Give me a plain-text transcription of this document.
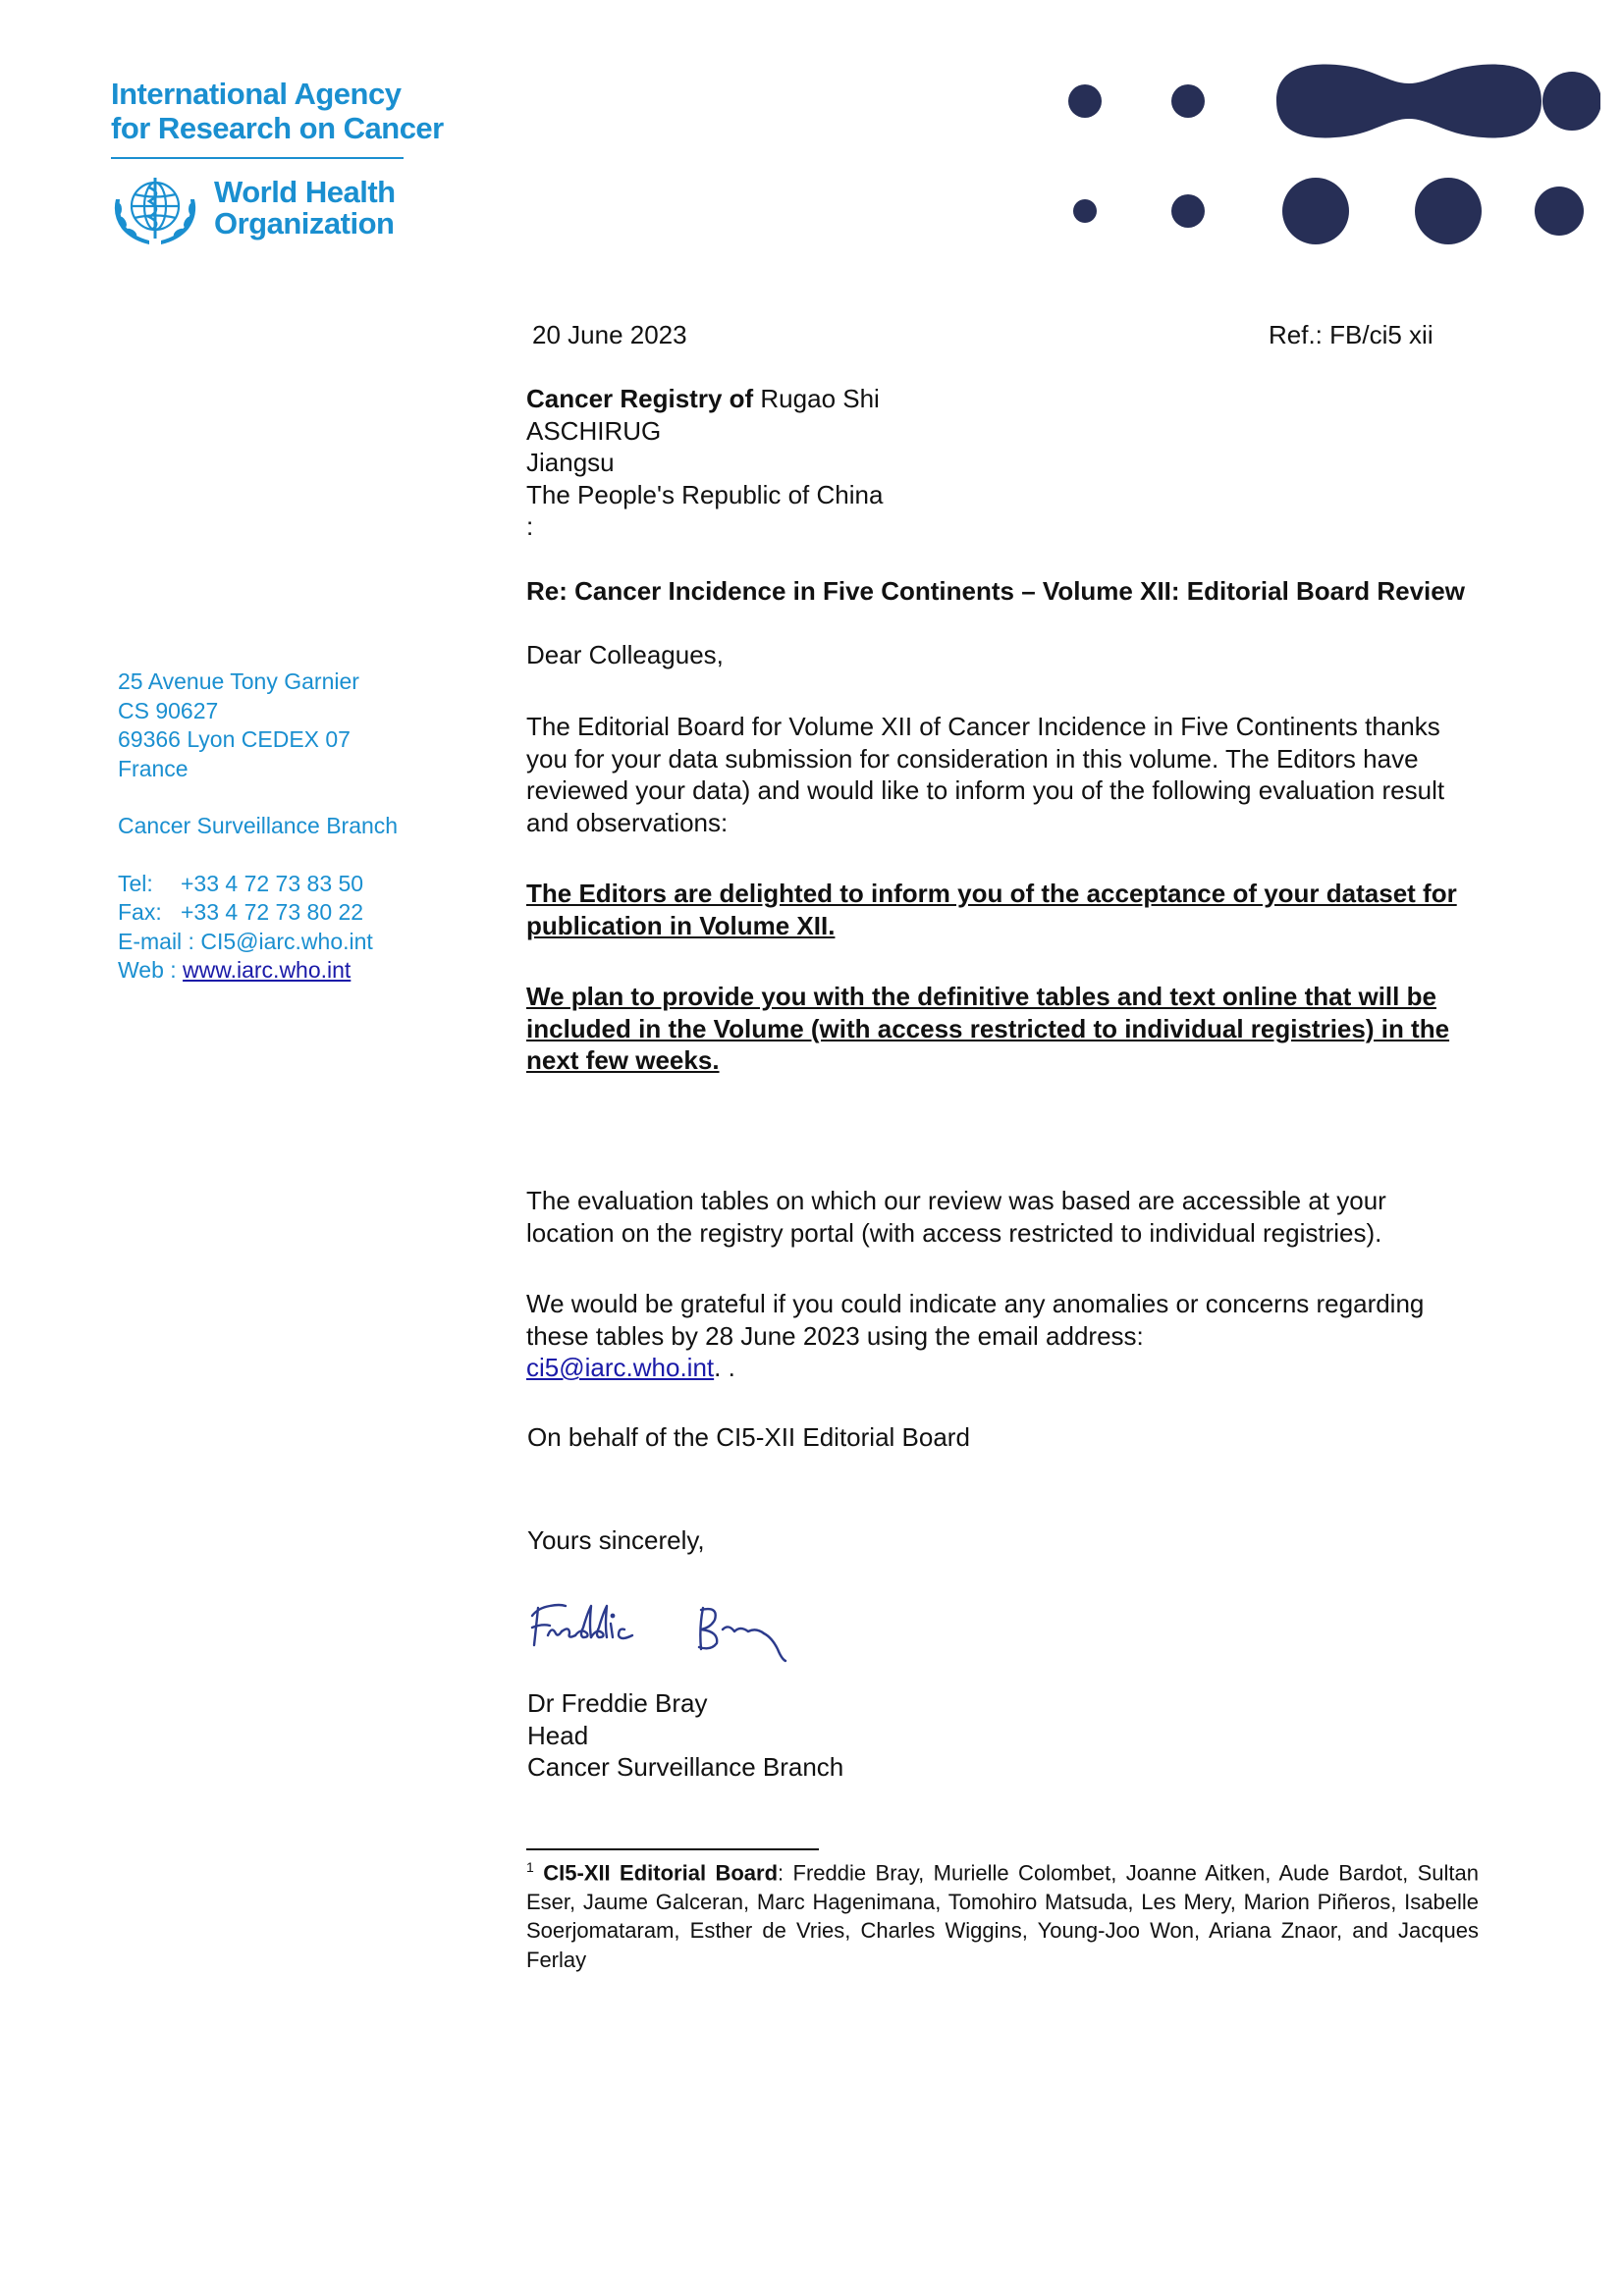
International Agency
for Research on Cancer
World Health
Organization
25 Avenue Tony Garnier
CS 90627
69366 Lyon CEDEX 07
France
Cancer Surveillance Branch
Tel: +33 4 72 73 83 50
Fax: +33 4 72 73 80 22
E-mail : CI5@iarc.who.int
Web : www.iarc.who.int
20 June 2023	Ref.: FB/ci5 xii
Cancer Registry of Rugao Shi
ASCHIRUG
Jiangsu
The People's Republic of China
:
Re: Cancer Incidence in Five Continents – Volume XII: Editorial Board Review
Dear Colleagues,
The Editorial Board for Volume XII of Cancer Incidence in Five Continents thanks you for your data submission for consideration in this volume. The Editors have reviewed your data) and would like to inform you of the following evaluation result and observations:
The Editors are delighted to inform you of the acceptance of your dataset for publication in Volume XII.
We plan to provide you with the definitive tables and text online that will be included in the Volume (with access restricted to individual registries) in the next few weeks.
The evaluation tables on which our review was based are accessible at your location on the registry portal (with access restricted to individual registries).
We would be grateful if you could indicate any anomalies or concerns regarding these tables by 28 June 2023 using the email address:
ci5@iarc.who.int. .
On behalf of the CI5-XII Editorial Board
Yours sincerely,
Dr Freddie Bray
Head
Cancer Surveillance Branch
$^1$ CI5-XII Editorial Board: Freddie Bray, Murielle Colombet, Joanne Aitken, Aude Bardot, Sultan Eser, Jaume Galceran, Marc Hagenimana, Tomohiro Matsuda, Les Mery, Marion Piñeros, Isabelle Soerjomataram, Esther de Vries, Charles Wiggins, Young-Joo Won, Ariana Znaor, and Jacques Ferlay
